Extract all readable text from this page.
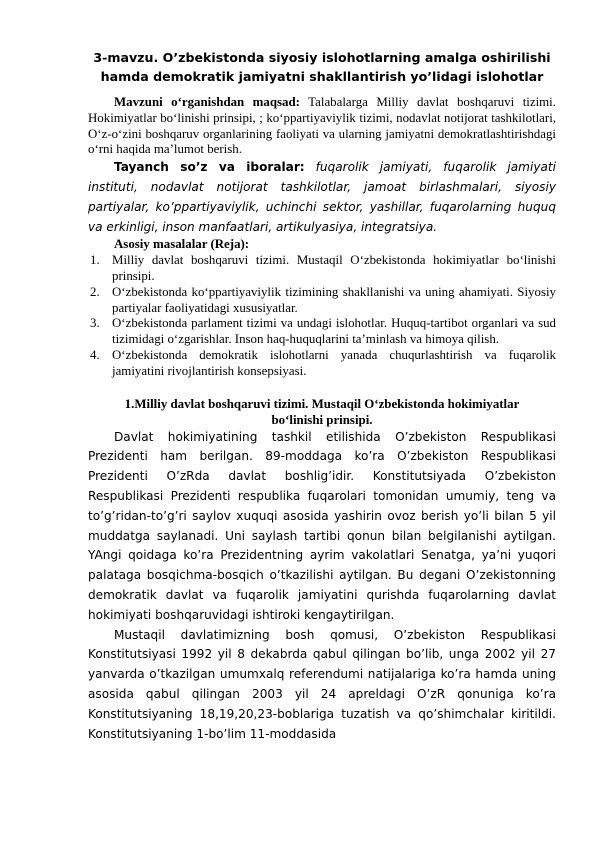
3-mavzu. O’zbekistonda siyosiy islohotlarning amalga oshirilishi
hamda demokratik jamiyatni shakllantirish yo’lidagi islohotlar

Mavzuni o‘rganishdan maqsad: Talabalarga Milliy davlat boshqaruvi tizimi. Hokimiyatlar bo‘linishi prinsipi, ; ko‘ppartiyaviylik tizimi, nodavlat notijorat tashkilotlari, O‘z-o‘zini boshqaruv organlarining faoliyati va ularning jamiyatni demokratlashtirishdagi o‘rni haqida ma’lumot berish.

Tayanch so’z va iboralar: fuqarolik jamiyati, fuqarolik jamiyati instituti, nodavlat notijorat tashkilotlar, jamoat birlashmalari, siyosiy partiyalar, ko’ppartiyaviylik, uchinchi sektor, yashillar, fuqarolarning huquq va erkinligi, inson manfaatlari, artikulyasiya, integratsiya.

Asosiy masalalar (Reja):

1. Milliy davlat boshqaruvi tizimi. Mustaqil O‘zbekistonda hokimiyatlar bo‘linishi prinsipi.
2. O‘zbekistonda ko‘ppartiyaviylik tizimining shakllanishi va uning ahamiyati. Siyosiy partiyalar faoliyatidagi xususiyatlar.
3. O‘zbekistonda parlament tizimi va undagi islohotlar. Huquq-tartibot organlari va sud tizimidagi o‘zgarishlar. Inson haq-huquqlarini ta’minlash va himoya qilish.
4. O‘zbekistonda demokratik islohotlarni yanada chuqurlashtirish va fuqarolik jamiyatini rivojlantirish konsepsiyasi.
1.Milliy davlat boshqaruvi tizimi. Mustaqil O‘zbekistonda hokimiyatlar
bo‘linishi prinsipi.

Davlat hokimiyatining tashkil etilishida O’zbekiston Respublikasi Prezidenti ham berilgan. 89-moddaga ko’ra O’zbekiston Respublikasi Prezidenti O’zRda davlat boshlig’idir. Konstitutsiyada O’zbekiston Respublikasi Prezidenti respublika fuqarolari tomonidan umumiy, teng va to’g’ridan-to’g’ri saylov xuquqi asosida yashirin ovoz berish yo’li bilan 5 yil muddatga saylanadi. Uni saylash tartibi qonun bilan belgilanishi aytilgan. YAngi qoidaga ko’ra Prezidentning ayrim vakolatlari Senatga, ya’ni yuqori palataga bosqichma-bosqich o’tkazilishi aytilgan. Bu degani O’zekistonning demokratik davlat va fuqarolik jamiyatini qurishda fuqarolarning davlat hokimiyati boshqaruvidagi ishtiroki kengaytirilgan.

Mustaqil davlatimizning bosh qomusi, O’zbekiston Respublikasi Konstitutsiyasi 1992 yil 8 dekabrda qabul qilingan bo’lib, unga 2002 yil 27 yanvarda o’tkazilgan umumxalq referendumi natijalariga ko’ra hamda uning asosida qabul qilingan 2003 yil 24 apreldagi O’zR qonuniga ko’ra Konstitutsiyaning 18,19,20,23-boblariga tuzatish va qo’shimchalar kiritildi. Konstitutsiyaning 1-bo’lim 11-moddasida
